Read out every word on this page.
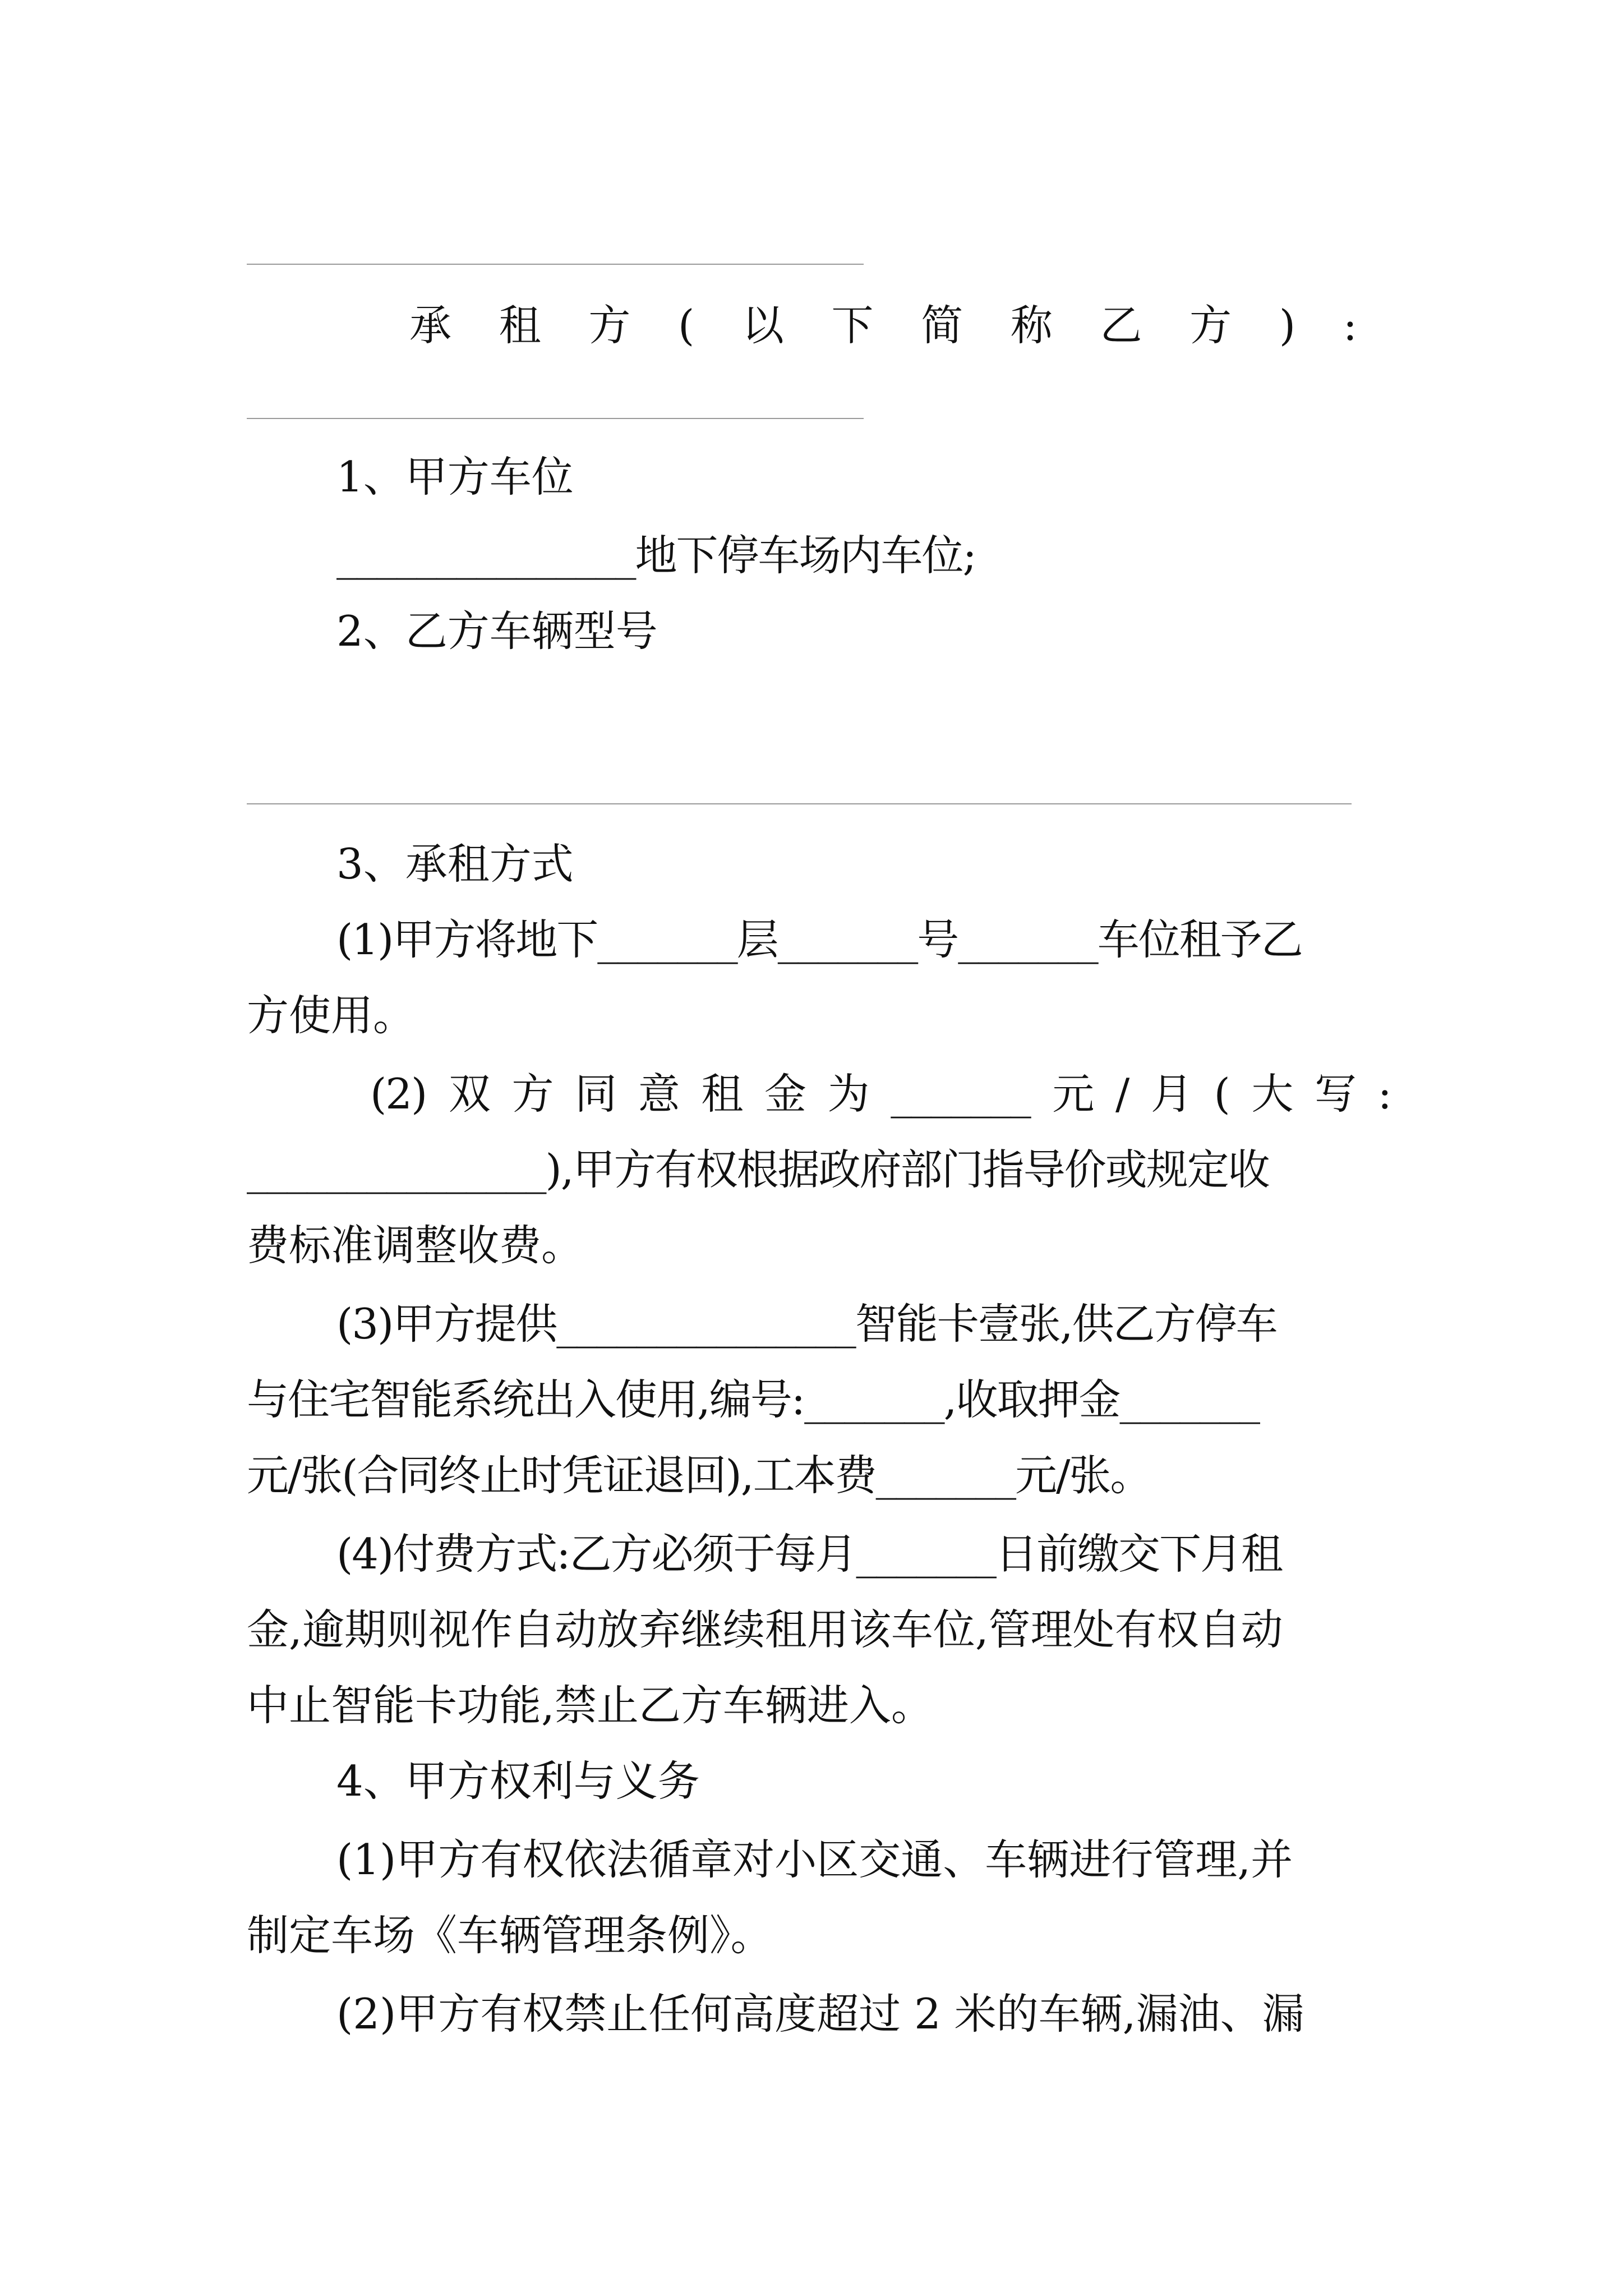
承 租 方 ( 以 下 简 称 乙 方 ) :
1、甲方车位
_______________地下停车场内车位;
2、乙方车辆型号
3、承租方式
(1)甲方将地下_______层_______号_______车位租予乙
方使用。
(2) 双 方 同 意 租 金 为 _______ 元 / 月 ( 大 写 :
_______________),甲方有权根据政府部门指导价或规定收
费标准调整收费。
(3)甲方提供_______________智能卡壹张,供乙方停车
与住宅智能系统出入使用,编号:_______,收取押金_______
元/张(合同终止时凭证退回),工本费_______元/张。
(4)付费方式:乙方必须于每月_______日前缴交下月租
金,逾期则视作自动放弃继续租用该车位,管理处有权自动
中止智能卡功能,禁止乙方车辆进入。
4、甲方权利与义务
(1)甲方有权依法循章对小区交通、车辆进行管理,并
制定车场《车辆管理条例》。
(2)甲方有权禁止任何高度超过 2 米的车辆,漏油、漏
